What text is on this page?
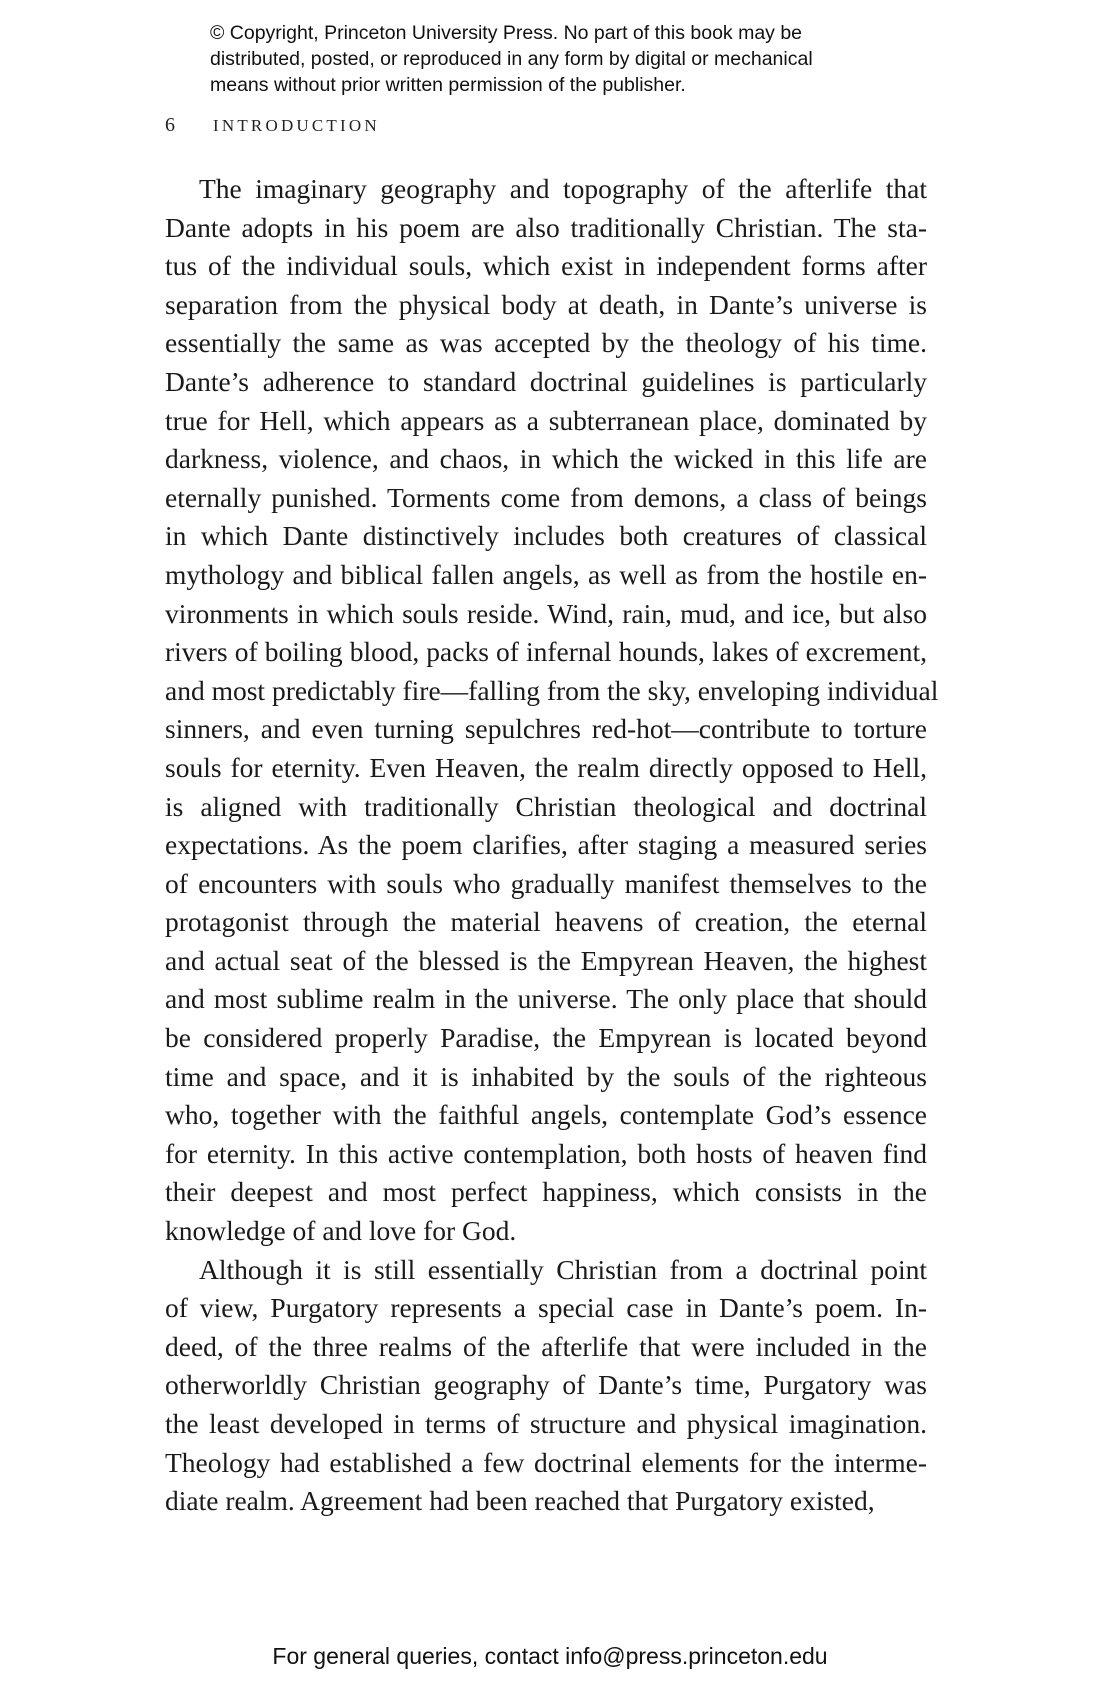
© Copyright, Princeton University Press. No part of this book may be
distributed, posted, or reproduced in any form by digital or mechanical
means without prior written permission of the publisher.
6 INTRODUCTION
The imaginary geography and topography of the afterlife that
Dante adopts in his poem are also traditionally Christian. The sta-
tus of the individual souls, which exist in independent forms after
separation from the physical body at death, in Dante’s universe is
essentially the same as was accepted by the theology of his time.
Dante’s adherence to standard doctrinal guidelines is particularly
true for Hell, which appears as a subterranean place, dominated by
darkness, violence, and chaos, in which the wicked in this life are
eternally punished. Torments come from demons, a class of beings
in which Dante distinctively includes both creatures of classical
mythology and biblical fallen angels, as well as from the hostile en-
vironments in which souls reside. Wind, rain, mud, and ice, but also
rivers of boiling blood, packs of infernal hounds, lakes of excrement,
and most predictably fire—falling from the sky, enveloping individual
sinners, and even turning sepulchres red-hot—contribute to torture
souls for eternity. Even Heaven, the realm directly opposed to Hell,
is aligned with traditionally Christian theological and doctrinal
expectations. As the poem clarifies, after staging a measured series
of encounters with souls who gradually manifest themselves to the
protagonist through the material heavens of creation, the eternal
and actual seat of the blessed is the Empyrean Heaven, the highest
and most sublime realm in the universe. The only place that should
be considered properly Paradise, the Empyrean is located beyond
time and space, and it is inhabited by the souls of the righteous
who, together with the faithful angels, contemplate God’s essence
for eternity. In this active contemplation, both hosts of heaven find
their deepest and most perfect happiness, which consists in the
knowledge of and love for God.
Although it is still essentially Christian from a doctrinal point
of view, Purgatory represents a special case in Dante’s poem. In-
deed, of the three realms of the afterlife that were included in the
otherworldly Christian geography of Dante’s time, Purgatory was
the least developed in terms of structure and physical imagination.
Theology had established a few doctrinal elements for the interme-
diate realm. Agreement had been reached that Purgatory existed,
For general queries, contact info@press.princeton.edu
